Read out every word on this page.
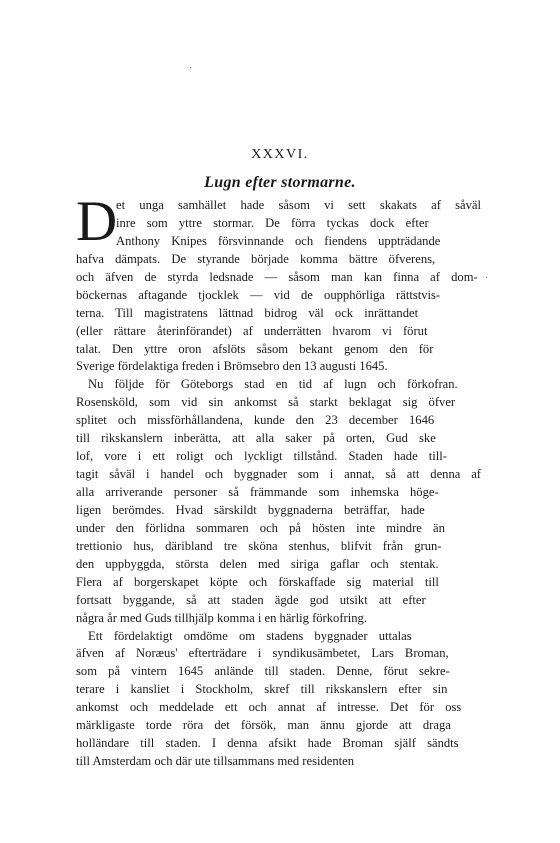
XXXVI.
Lugn efter stormarne.
D
et unga samhället hade såsom vi sett skakats af såväl
inre som yttre stormar. De förra tyckas dock efter
Anthony Knipes försvinnande och fiendens uppträdande
hafva dämpats. De styrande började komma bättre öfverens,
och äfven de styrda ledsnade — såsom man kan finna af dom-
böckernas aftagande tjocklek — vid de oupphörliga rättstvis-
terna. Till magistratens lättnad bidrog väl ock inrättandet
(eller rättare återinförandet) af underrätten hvarom vi förut
talat. Den yttre oron afslöts såsom bekant genom den för
Sverige fördelaktiga freden i Brömsebro den 13 augusti 1645.
Nu följde för Göteborgs stad en tid af lugn och förkofran.
Rosensköld, som vid sin ankomst så starkt beklagat sig öfver
splitet och missförhållandena, kunde den 23 december 1646
till rikskanslern inberätta, att alla saker på orten, Gud ske
lof, vore i ett roligt och lyckligt tillstånd. Staden hade till-
tagit såväl i handel och byggnader som i annat, så att denna af
alla arriverande personer så främmande som inhemska höge-
ligen berömdes. Hvad särskildt byggnaderna beträffar, hade
under den förlidna sommaren och på hösten inte mindre än
trettionio hus, däribland tre sköna stenhus, blifvit från grun-
den uppbyggda, största delen med siriga gaflar och stentak.
Flera af borgerskapet köpte och förskaffade sig material till
fortsatt byggande, så att staden ägde god utsikt att efter
några år med Guds tillhjälp komma i en härlig förkofring.
Ett fördelaktigt omdöme om stadens byggnader uttalas
äfven af Noræus' efterträdare i syndikusämbetet, Lars Broman,
som på vintern 1645 anlände till staden. Denne, förut sekre-
terare i kansliet i Stockholm, skref till rikskanslern efter sin
ankomst och meddelade ett och annat af intresse. Det för oss
märkligaste torde röra det försök, man ännu gjorde att draga
holländare till staden. I denna afsikt hade Broman själf sändts
till Amsterdam och där ute tillsammans med residenten
